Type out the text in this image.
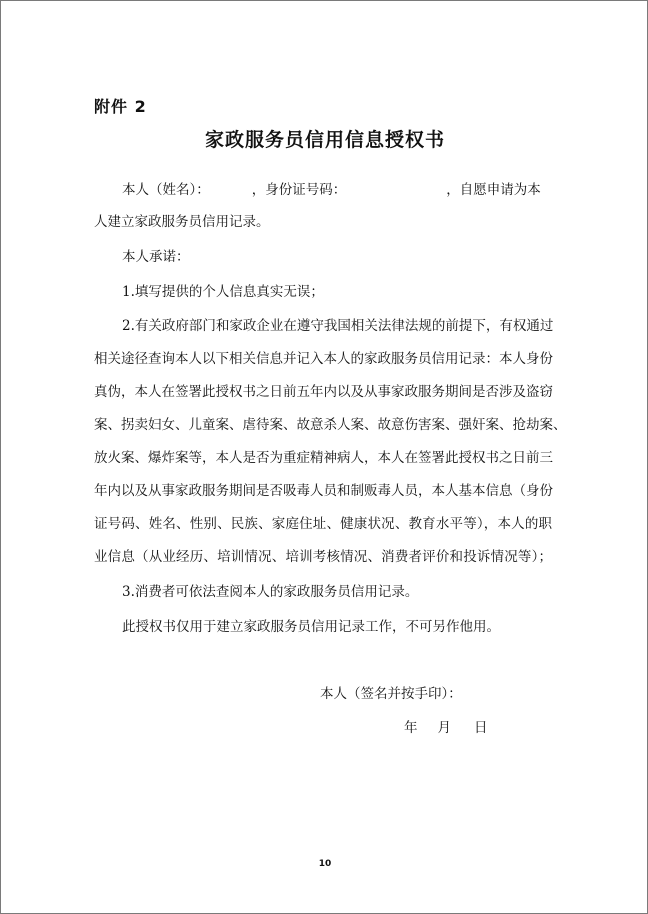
附件 2
家政服务员信用信息授权书
本人（姓名）：	，身份证号码：	，自愿申请为本
人建立家政服务员信用记录。
本人承诺：
1.填写提供的个人信息真实无误；
2.有关政府部门和家政企业在遵守我国相关法律法规的前提下，有权通过
相关途径查询本人以下相关信息并记入本人的家政服务员信用记录：本人身份
真伪，本人在签署此授权书之日前五年内以及从事家政服务期间是否涉及盗窃
案、拐卖妇女、儿童案、虐待案、故意杀人案、故意伤害案、强奸案、抢劫案、
放火案、爆炸案等，本人是否为重症精神病人，本人在签署此授权书之日前三
年内以及从事家政服务期间是否吸毒人员和制贩毒人员，本人基本信息（身份
证号码、姓名、性别、民族、家庭住址、健康状况、教育水平等），本人的职
业信息（从业经历、培训情况、培训考核情况、消费者评价和投诉情况等）；
3.消费者可依法查阅本人的家政服务员信用记录。
此授权书仅用于建立家政服务员信用记录工作，不可另作他用。
本人（签名并按手印）：
年 月 日
10
